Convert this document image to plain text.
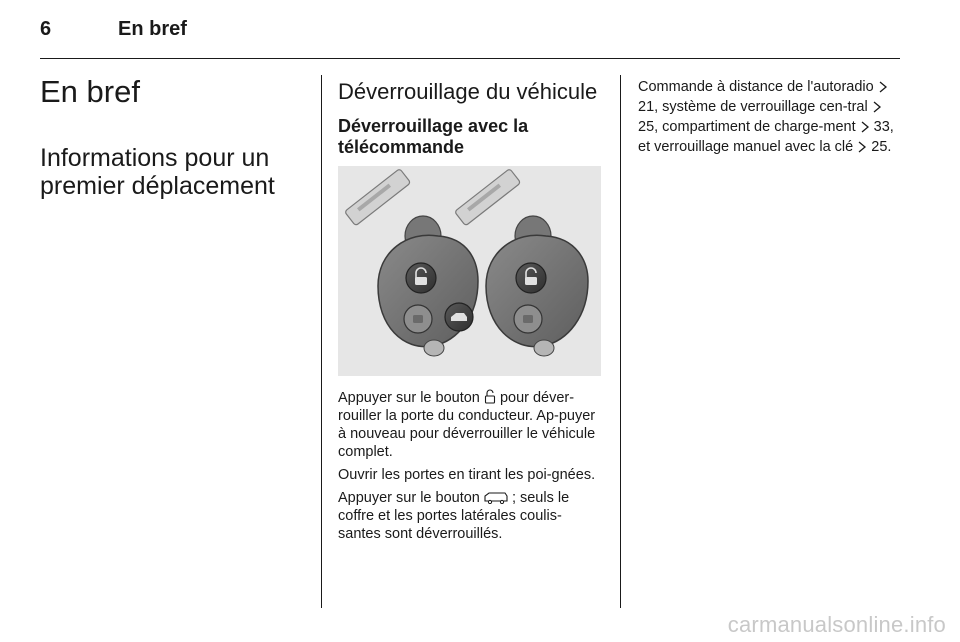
6	En bref
En bref
Informations pour un premier déplacement
Déverrouillage du véhicule
Déverrouillage avec la télécommande

Appuyer sur le bouton pour déver-rouiller la porte du conducteur. Ap-puyer à nouveau pour déverrouiller le véhicule complet.

Ouvrir les portes en tirant les poi-gnées.

Appuyer sur le bouton ; seuls le coffre et les portes latérales coulis-santes sont déverrouillés.

Commande à distance de l'autoradio  21, système de verrouillage cen-tral  25, compartiment de charge-ment 33, et verrouillage manuel avec la clé 25.

carmanualsonline.info
